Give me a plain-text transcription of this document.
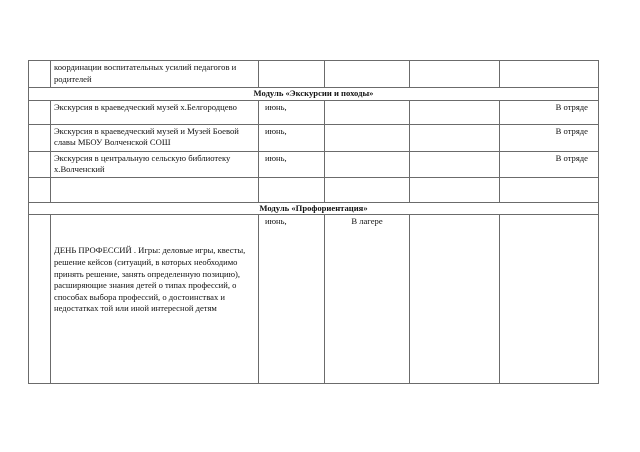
	координации воспитательных усилий педагогов и родителей				
Модуль «Экскурсии и походы»					
	Экскурсия в краеведческий музей х.Белгородцево	июнь,			В отряде
	Экскурсия в краеведческий музей и Музей Боевой славы МБОУ Волченской СОШ	июнь,			В отряде
	Экскурсия в центральную сельскую библиотеку х.Волченский	июнь,			В отряде

Модуль «Профориентация»					
	ДЕНЬ ПРОФЕССИЙ . Игры: деловые игры, квесты, решение кейсов (ситуаций, в которых необходимо принять решение, занять определенную позицию), расширяющие знания детей о типах профессий, о способах выбора профессий, о достоинствах и недостатках той или иной интересной детям	июнь,	В лагере		
